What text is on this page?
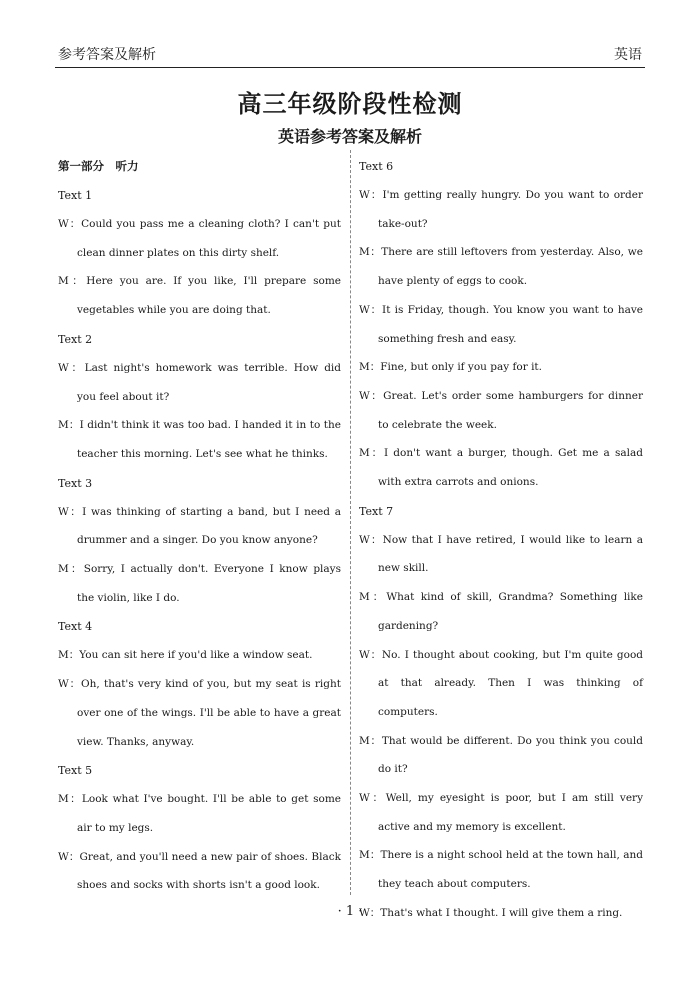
参考答案及解析	英语
高三年级阶段性检测
英语参考答案及解析
第一部分　听力
Text 1
W：Could you pass me a cleaning cloth? I can't put clean dinner plates on this dirty shelf.
M：Here you are. If you like, I'll prepare some vegetables while you are doing that.
Text 2
W：Last night's homework was terrible. How did you feel about it?
M：I didn't think it was too bad. I handed it in to the teacher this morning. Let's see what he thinks.
Text 3
W：I was thinking of starting a band, but I need a drummer and a singer. Do you know anyone?
M：Sorry, I actually don't. Everyone I know plays the violin, like I do.
Text 4
M：You can sit here if you'd like a window seat.
W：Oh, that's very kind of you, but my seat is right over one of the wings. I'll be able to have a great view. Thanks, anyway.
Text 5
M：Look what I've bought. I'll be able to get some air to my legs.
W：Great, and you'll need a new pair of shoes. Black shoes and socks with shorts isn't a good look.
Text 6
W：I'm getting really hungry. Do you want to order take-out?
M：There are still leftovers from yesterday. Also, we have plenty of eggs to cook.
W：It is Friday, though. You know you want to have something fresh and easy.
M：Fine, but only if you pay for it.
W：Great. Let's order some hamburgers for dinner to celebrate the week.
M：I don't want a burger, though. Get me a salad with extra carrots and onions.
Text 7
W：Now that I have retired, I would like to learn a new skill.
M：What kind of skill, Grandma? Something like gardening?
W：No. I thought about cooking, but I'm quite good at that already. Then I was thinking of computers.
M：That would be different. Do you think you could do it?
W：Well, my eyesight is poor, but I am still very active and my memory is excellent.
M：There is a night school held at the town hall, and they teach about computers.
W：That's what I thought. I will give them a ring.
· 1 ·
